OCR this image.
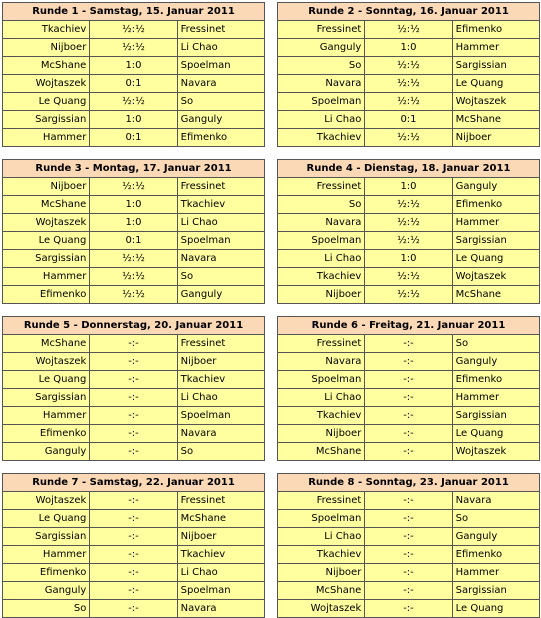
Runde 1 - Samstag, 15. Januar 2011		
Tkachiev	½:½	Fressinet
Nijboer	½:½	Li Chao
McShane	1:0	Spoelman
Wojtaszek	0:1	Navara
Le Quang	½:½	So
Sargissian	1:0	Ganguly
Hammer	0:1	Efimenko
Runde 2 - Sonntag, 16. Januar 2011		
Fressinet	½:½	Efimenko
Ganguly	1:0	Hammer
So	½:½	Sargissian
Navara	½:½	Le Quang
Spoelman	½:½	Wojtaszek
Li Chao	0:1	McShane
Tkachiev	½:½	Nijboer
Runde 3 - Montag, 17. Januar 2011		
Nijboer	½:½	Fressinet
McShane	1:0	Tkachiev
Wojtaszek	1:0	Li Chao
Le Quang	0:1	Spoelman
Sargissian	½:½	Navara
Hammer	½:½	So
Efimenko	½:½	Ganguly
Runde 4 - Dienstag, 18. Januar 2011		
Fressinet	1:0	Ganguly
So	½:½	Efimenko
Navara	½:½	Hammer
Spoelman	½:½	Sargissian
Li Chao	1:0	Le Quang
Tkachiev	½:½	Wojtaszek
Nijboer	½:½	McShane
Runde 5 - Donnerstag, 20. Januar 2011		
McShane	-:-	Fressinet
Wojtaszek	-:-	Nijboer
Le Quang	-:-	Tkachiev
Sargissian	-:-	Li Chao
Hammer	-:-	Spoelman
Efimenko	-:-	Navara
Ganguly	-:-	So
Runde 6 - Freitag, 21. Januar 2011		
Fressinet	-:-	So
Navara	-:-	Ganguly
Spoelman	-:-	Efimenko
Li Chao	-:-	Hammer
Tkachiev	-:-	Sargissian
Nijboer	-:-	Le Quang
McShane	-:-	Wojtaszek
Runde 7 - Samstag, 22. Januar 2011		
Wojtaszek	-:-	Fressinet
Le Quang	-:-	McShane
Sargissian	-:-	Nijboer
Hammer	-:-	Tkachiev
Efimenko	-:-	Li Chao
Ganguly	-:-	Spoelman
So	-:-	Navara
Runde 8 - Sonntag, 23. Januar 2011		
Fressinet	-:-	Navara
Spoelman	-:-	So
Li Chao	-:-	Ganguly
Tkachiev	-:-	Efimenko
Nijboer	-:-	Hammer
McShane	-:-	Sargissian
Wojtaszek	-:-	Le Quang
